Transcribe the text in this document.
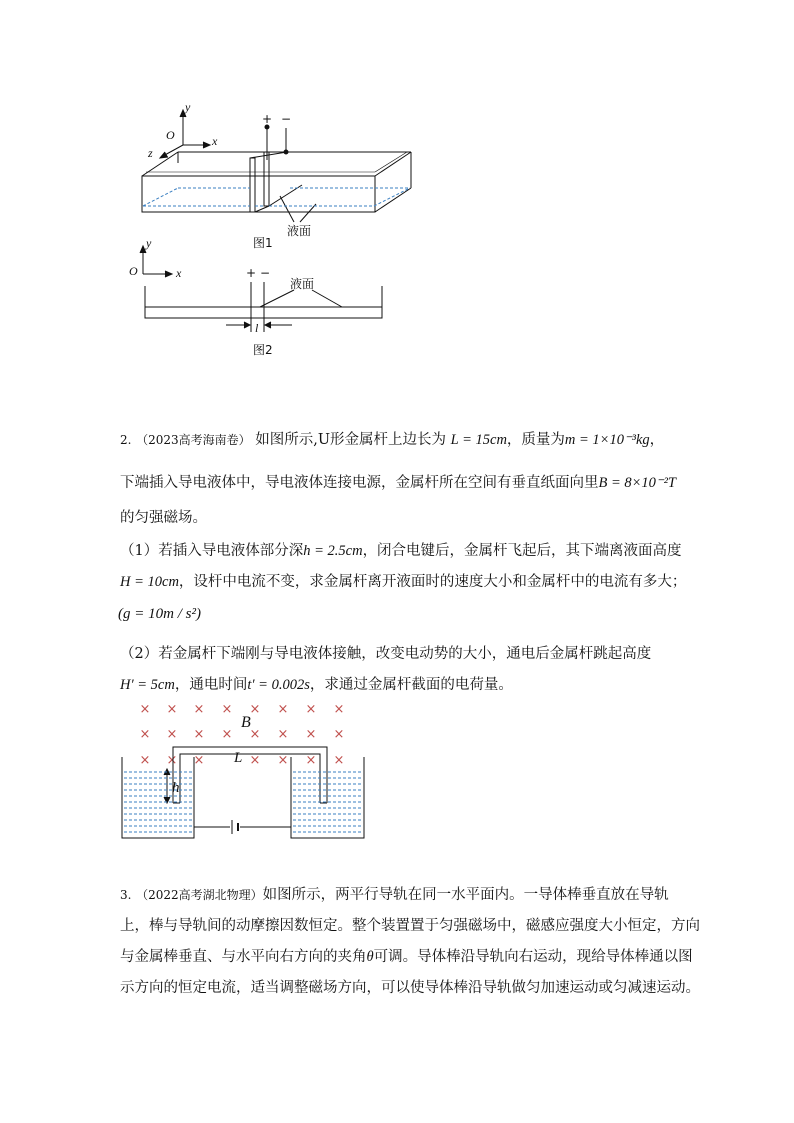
y
O	x
z
+ −
液面
图1
y
O	x	+ −
液面
l
图2
2. （2023高考海南卷） 如图所示,U形金属杆上边长为 L = 15cm，质量为m = 1×10⁻³kg，
下端插入导电液体中，导电液体连接电源，金属杆所在空间有垂直纸面向里B = 8×10⁻²T
的匀强磁场。
（1）若插入导电液体部分深h = 2.5cm，闭合电键后，金属杆飞起后，其下端离液面高度
H = 10cm，设杆中电流不变，求金属杆离开液面时的速度大小和金属杆中的电流有多大；
(g = 10m / s²)
（2）若金属杆下端刚与导电液体接触，改变电动势的大小，通电后金属杆跳起高度
H′ = 5cm，通电时间t′ = 0.002s，求通过金属杆截面的电荷量。
× × × × × × × ×
× × × × × × × ×
× × ×	× × × ×
B
L
h
3. （2022高考湖北物理）如图所示，两平行导轨在同一水平面内。一导体棒垂直放在导轨
上，棒与导轨间的动摩擦因数恒定。整个装置置于匀强磁场中，磁感应强度大小恒定，方向
与金属棒垂直、与水平向右方向的夹角θ可调。导体棒沿导轨向右运动，现给导体棒通以图
示方向的恒定电流，适当调整磁场方向，可以使导体棒沿导轨做匀加速运动或匀减速运动。
